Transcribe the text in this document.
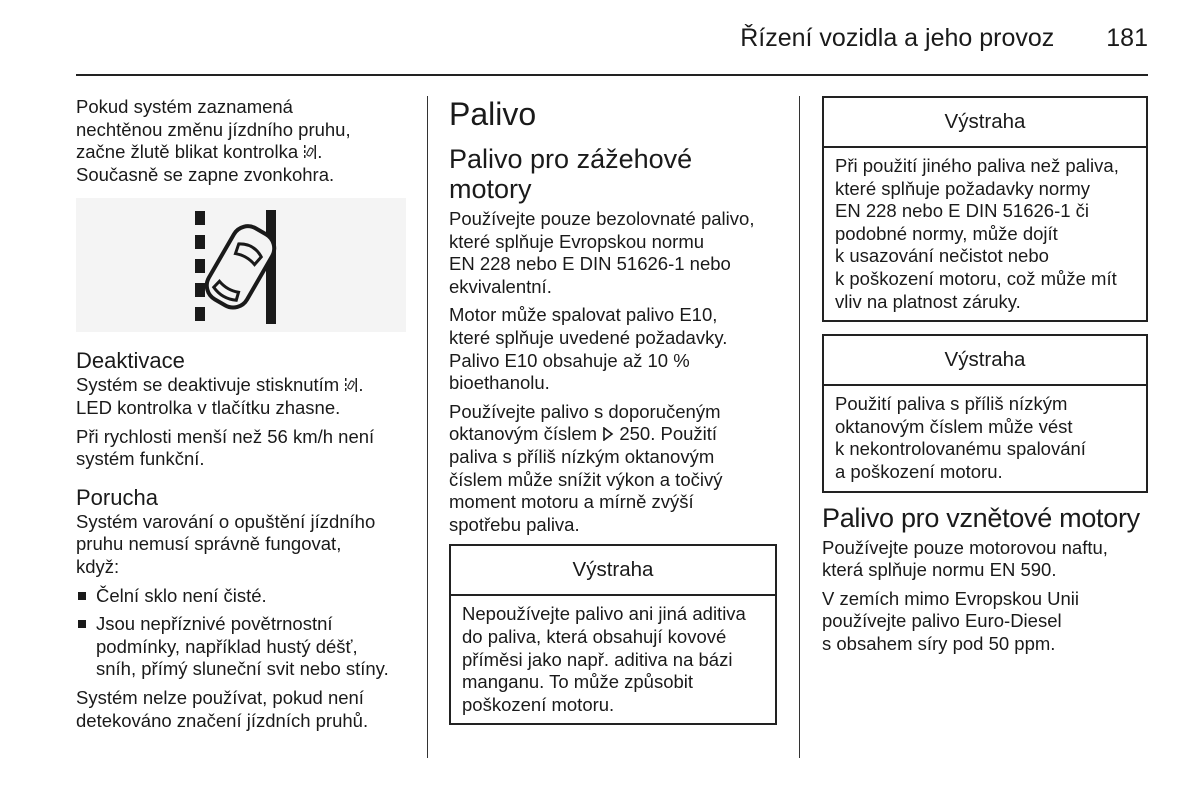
Řízení vozidla a jeho provoz 181

Pokud systém zaznamená
nechtěnou změnu jízdního pruhu,
začne žlutě blikat kontrolka .
Současně se zapne zvonkohra.

Deaktivace

Systém se deaktivuje stisknutím .
LED kontrolka v tlačítku zhasne.

Při rychlosti menší než 56 km/h není
systém funkční.

Porucha

Systém varování o opuštění jízdního
pruhu nemusí správně fungovat,
když:

Čelní sklo není čisté.

Jsou nepříznivé povětrnostní
podmínky, například hustý déšť,
sníh, přímý sluneční svit nebo stíny.

Systém nelze používat, pokud není
detekováno značení jízdních pruhů.

Palivo
Palivo pro zážehové
motory

Používejte pouze bezolovnaté palivo,
které splňuje Evropskou normu
EN 228 nebo E DIN 51626-1 nebo
ekvivalentní.

Motor může spalovat palivo E10,
které splňuje uvedené požadavky.
Palivo E10 obsahuje až 10 %
bioethanolu.

Používejte palivo s doporučeným
oktanovým číslem  250. Použití
paliva s příliš nízkým oktanovým
číslem může snížit výkon a točivý
moment motoru a mírně zvýší
spotřebu paliva.

Výstraha

Nepoužívejte palivo ani jiná aditiva
do paliva, která obsahují kovové
příměsi jako např. aditiva na bázi
manganu. To může způsobit
poškození motoru.

Výstraha

Při použití jiného paliva než paliva,
které splňuje požadavky normy
EN 228 nebo E DIN 51626-1 či
podobné normy, může dojít
k usazování nečistot nebo
k poškození motoru, což může mít
vliv na platnost záruky.

Výstraha

Použití paliva s příliš nízkým
oktanovým číslem může vést
k nekontrolovanému spalování
a poškození motoru.

Palivo pro vznětové motory

Používejte pouze motorovou naftu,
která splňuje normu EN 590.

V zemích mimo Evropskou Unii
používejte palivo Euro-Diesel
s obsahem síry pod 50 ppm.
